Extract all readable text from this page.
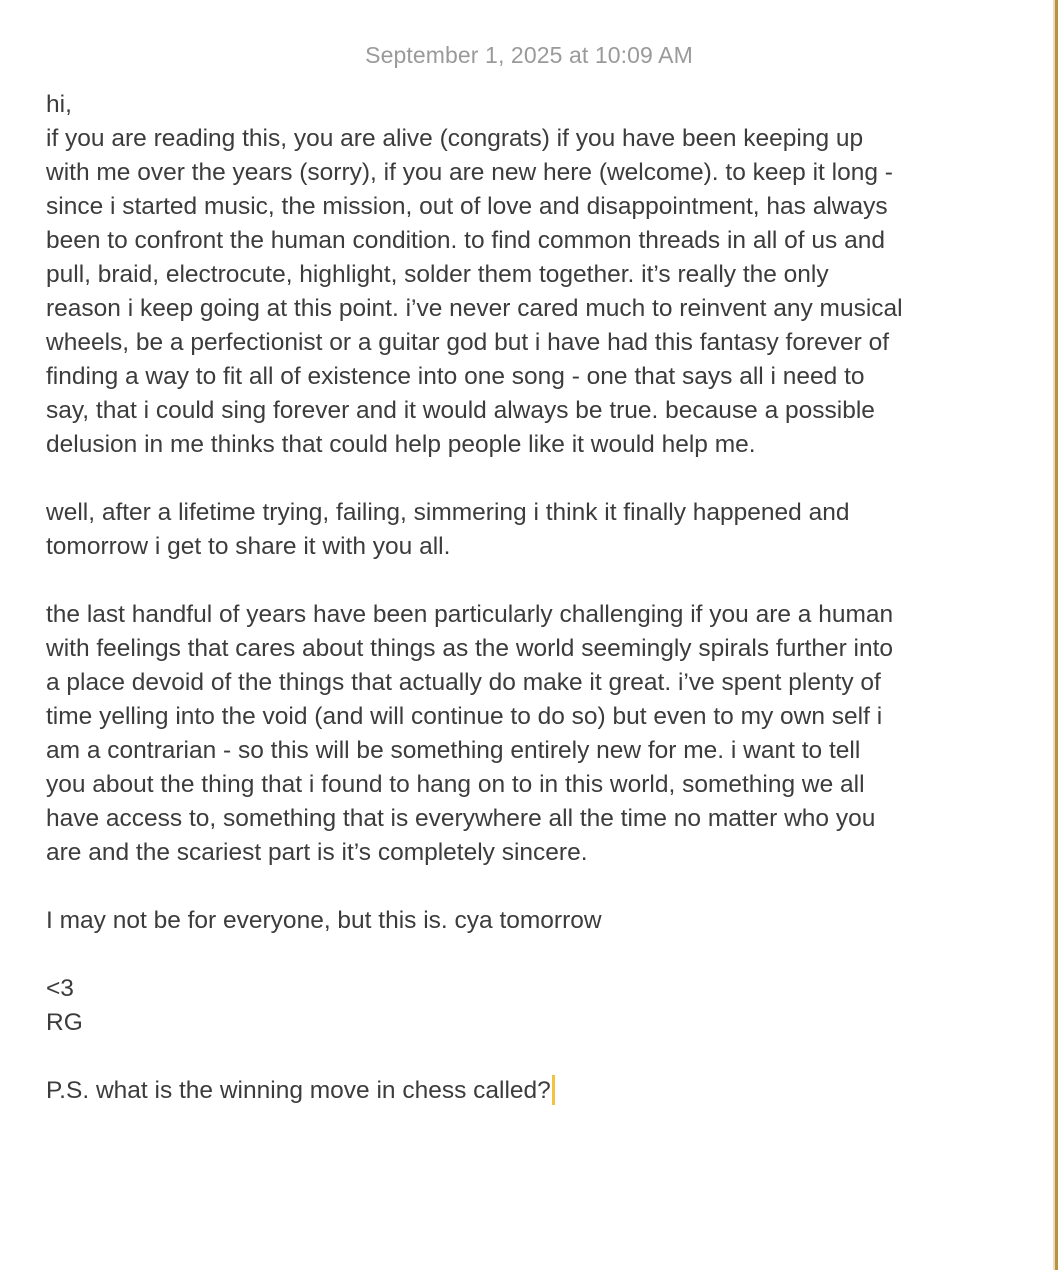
September 1, 2025 at 10:09 AM
hi,
if you are reading this, you are alive (congrats) if you have been keeping up
with me over the years (sorry), if you are new here (welcome). to keep it long -
since i started music, the mission, out of love and disappointment, has always
been to confront the human condition. to find common threads in all of us and
pull, braid, electrocute, highlight, solder them together. it’s really the only
reason i keep going at this point. i’ve never cared much to reinvent any musical
wheels, be a perfectionist or a guitar god but i have had this fantasy forever of
finding a way to fit all of existence into one song - one that says all i need to
say, that i could sing forever and it would always be true. because a possible
delusion in me thinks that could help people like it would help me.
well, after a lifetime trying, failing, simmering i think it finally happened and
tomorrow i get to share it with you all.
the last handful of years have been particularly challenging if you are a human
with feelings that cares about things as the world seemingly spirals further into
a place devoid of the things that actually do make it great. i’ve spent plenty of
time yelling into the void (and will continue to do so) but even to my own self i
am a contrarian - so this will be something entirely new for me. i want to tell
you about the thing that i found to hang on to in this world, something we all
have access to, something that is everywhere all the time no matter who you
are and the scariest part is it’s completely sincere.
I may not be for everyone, but this is. cya tomorrow
<3
RG
P.S. what is the winning move in chess called?
